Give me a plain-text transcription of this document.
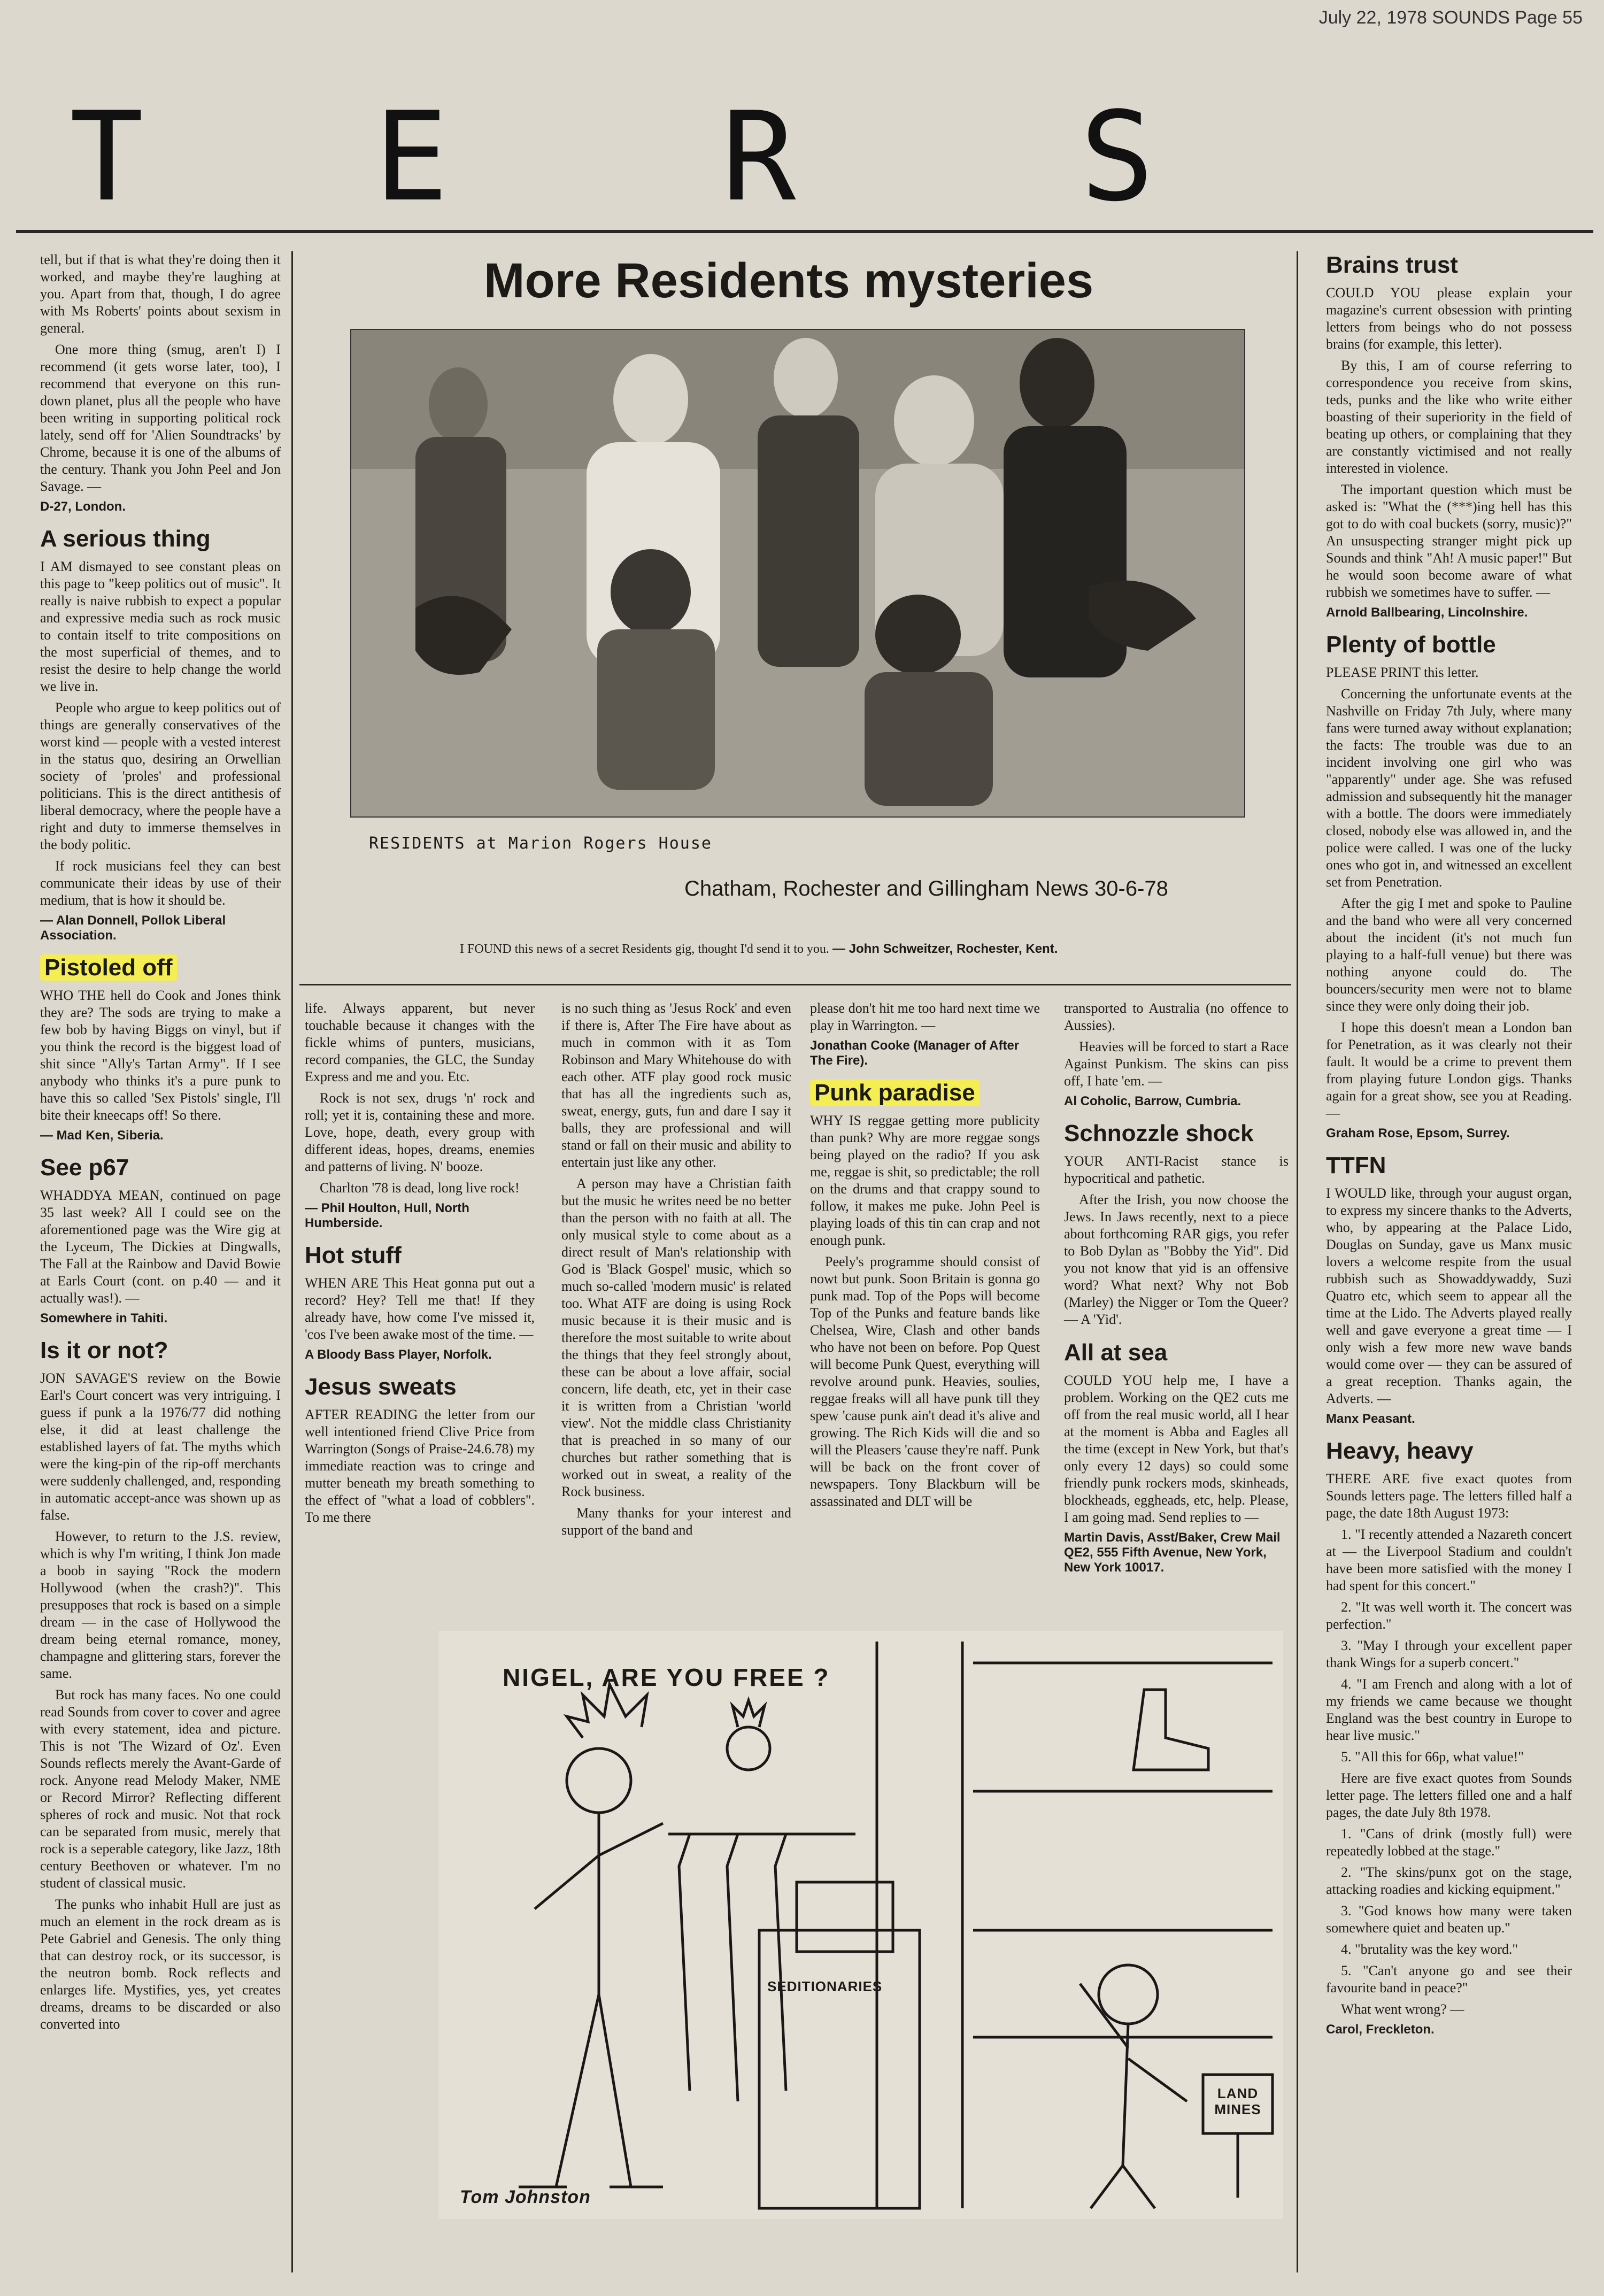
July 22, 1978 SOUNDS Page 55
T E R S
More Residents mysteries
RESIDENTS at Marion Rogers House
Chatham, Rochester and Gillingham News 30-6-78
I FOUND this news of a secret Residents gig, thought I'd send it to you. — John Schweitzer, Rochester, Kent.

tell, but if that is what they're doing then it worked, and maybe they're laughing at you. Apart from that, though, I do agree with Ms Roberts' points about sexism in general.

One more thing (smug, aren't I) I recommend (it gets worse later, too), I recommend that everyone on this run-down planet, plus all the people who have been writing in supporting political rock lately, send off for 'Alien Soundtracks' by Chrome, because it is one of the albums of the century. Thank you John Peel and Jon Savage. —

D-27, London.
A serious thing

I AM dismayed to see constant pleas on this page to "keep politics out of music". It really is naive rubbish to expect a popular and expressive media such as rock music to contain itself to trite compositions on the most superficial of themes, and to resist the desire to help change the world we live in.

People who argue to keep politics out of things are generally conservatives of the worst kind — people with a vested interest in the status quo, desiring an Orwellian society of 'proles' and professional politicians. This is the direct antithesis of liberal democracy, where the people have a right and duty to immerse themselves in the body politic.

If rock musicians feel they can best communicate their ideas by use of their medium, that is how it should be.

— Alan Donnell, Pollok Liberal Association.
Pistoled off

WHO THE hell do Cook and Jones think they are? The sods are trying to make a few bob by having Biggs on vinyl, but if you think the record is the biggest load of shit since "Ally's Tartan Army". If I see anybody who thinks it's a pure punk to have this so called 'Sex Pistols' single, I'll bite their kneecaps off! So there.

— Mad Ken, Siberia.
See p67

WHADDYA MEAN, continued on page 35 last week? All I could see on the aforementioned page was the Wire gig at the Lyceum, The Dickies at Dingwalls, The Fall at the Rainbow and David Bowie at Earls Court (cont. on p.40 — and it actually was!). —

Somewhere in Tahiti.
Is it or not?

JON SAVAGE'S review on the Bowie Earl's Court concert was very intriguing. I guess if punk a la 1976/77 did nothing else, it did at least challenge the established layers of fat. The myths which were the king-pin of the rip-off merchants were suddenly challenged, and, responding in automatic accept-ance was shown up as false.

However, to return to the J.S. review, which is why I'm writing, I think Jon made a boob in saying "Rock the modern Hollywood (when the crash?)". This presupposes that rock is based on a simple dream — in the case of Hollywood the dream being eternal romance, money, champagne and glittering stars, forever the same.

But rock has many faces. No one could read Sounds from cover to cover and agree with every statement, idea and picture. This is not 'The Wizard of Oz'. Even Sounds reflects merely the Avant-Garde of rock. Anyone read Melody Maker, NME or Record Mirror? Reflecting different spheres of rock and music. Not that rock can be separated from music, merely that rock is a seperable category, like Jazz, 18th century Beethoven or whatever. I'm no student of classical music.

The punks who inhabit Hull are just as much an element in the rock dream as is Pete Gabriel and Genesis. The only thing that can destroy rock, or its successor, is the neutron bomb. Rock reflects and enlarges life. Mystifies, yes, yet creates dreams, dreams to be discarded or also converted into

life. Always apparent, but never touchable because it changes with the fickle whims of punters, musicians, record companies, the GLC, the Sunday Express and me and you. Etc.

Rock is not sex, drugs 'n' rock and roll; yet it is, containing these and more. Love, hope, death, every group with different ideas, hopes, dreams, enemies and patterns of living. N' booze.

Charlton '78 is dead, long live rock!

— Phil Houlton, Hull, North Humberside.
Hot stuff

WHEN ARE This Heat gonna put out a record? Hey? Tell me that! If they already have, how come I've missed it, 'cos I've been awake most of the time. —

A Bloody Bass Player, Norfolk.
Jesus sweats

AFTER READING the letter from our well intentioned friend Clive Price from Warrington (Songs of Praise-24.6.78) my immediate reaction was to cringe and mutter beneath my breath something to the effect of "what a load of cobblers". To me there

is no such thing as 'Jesus Rock' and even if there is, After The Fire have about as much in common with it as Tom Robinson and Mary Whitehouse do with each other. ATF play good rock music that has all the ingredients such as, sweat, energy, guts, fun and dare I say it balls, they are professional and will stand or fall on their music and ability to entertain just like any other.

A person may have a Christian faith but the music he writes need be no better than the person with no faith at all. The only musical style to come about as a direct result of Man's relationship with God is 'Black Gospel' music, which so much so-called 'modern music' is related too. What ATF are doing is using Rock music because it is their music and is therefore the most suitable to write about the things that they feel strongly about, these can be about a love affair, social concern, life death, etc, yet in their case it is written from a Christian 'world view'. Not the middle class Christianity that is preached in so many of our churches but rather something that is worked out in sweat, a reality of the Rock business.

Many thanks for your interest and support of the band and

please don't hit me too hard next time we play in Warrington. —

Jonathan Cooke (Manager of After The Fire).
Punk paradise

WHY IS reggae getting more publicity than punk? Why are more reggae songs being played on the radio? If you ask me, reggae is shit, so predictable; the roll on the drums and that crappy sound to follow, it makes me puke. John Peel is playing loads of this tin can crap and not enough punk.

Peely's programme should consist of nowt but punk. Soon Britain is gonna go punk mad. Top of the Pops will become Top of the Punks and feature bands like Chelsea, Wire, Clash and other bands who have not been on before. Pop Quest will become Punk Quest, everything will revolve around punk. Heavies, soulies, reggae freaks will all have punk till they spew 'cause punk ain't dead it's alive and growing. The Rich Kids will die and so will the Pleasers 'cause they're naff. Punk will be back on the front cover of newspapers. Tony Blackburn will be assassinated and DLT will be

transported to Australia (no offence to Aussies).

Heavies will be forced to start a Race Against Punkism. The skins can piss off, I hate 'em. —

Al Coholic, Barrow, Cumbria.
Schnozzle shock

YOUR ANTI-Racist stance is hypocritical and pathetic.

After the Irish, you now choose the Jews. In Jaws recently, next to a piece about forthcoming RAR gigs, you refer to Bob Dylan as "Bobby the Yid". Did you not know that yid is an offensive word? What next? Why not Bob (Marley) the Nigger or Tom the Queer? — A 'Yid'.

All at sea

COULD YOU help me, I have a problem. Working on the QE2 cuts me off from the real music world, all I hear at the moment is Abba and Eagles all the time (except in New York, but that's only every 12 days) so could some friendly punk rockers mods, skinheads, blockheads, eggheads, etc, help. Please, I am going mad. Send replies to —

Martin Davis, Asst/Baker, Crew Mail QE2, 555 Fifth Avenue, New York, New York 10017.
Brains trust

COULD YOU please explain your magazine's current obsession with printing letters from beings who do not possess brains (for example, this letter).

By this, I am of course referring to correspondence you receive from skins, teds, punks and the like who write either boasting of their superiority in the field of beating up others, or complaining that they are constantly victimised and not really interested in violence.

The important question which must be asked is: "What the (***)ing hell has this got to do with coal buckets (sorry, music)?" An unsuspecting stranger might pick up Sounds and think "Ah! A music paper!" But he would soon become aware of what rubbish we sometimes have to suffer. —

Arnold Ballbearing, Lincolnshire.
Plenty of bottle

PLEASE PRINT this letter.

Concerning the unfortunate events at the Nashville on Friday 7th July, where many fans were turned away without explanation; the facts: The trouble was due to an incident involving one girl who was "apparently" under age. She was refused admission and subsequently hit the manager with a bottle. The doors were immediately closed, nobody else was allowed in, and the police were called. I was one of the lucky ones who got in, and witnessed an excellent set from Penetration.

After the gig I met and spoke to Pauline and the band who were all very concerned about the incident (it's not much fun playing to a half-full venue) but there was nothing anyone could do. The bouncers/security men were not to blame since they were only doing their job.

I hope this doesn't mean a London ban for Penetration, as it was clearly not their fault. It would be a crime to prevent them from playing future London gigs. Thanks again for a great show, see you at Reading. —

Graham Rose, Epsom, Surrey.
TTFN

I WOULD like, through your august organ, to express my sincere thanks to the Adverts, who, by appearing at the Palace Lido, Douglas on Sunday, gave us Manx music lovers a welcome respite from the usual rubbish such as Showaddywaddy, Suzi Quatro etc, which seem to appear all the time at the Lido. The Adverts played really well and gave everyone a great time — I only wish a few more new wave bands would come over — they can be assured of a great reception. Thanks again, the Adverts. —

Manx Peasant.
Heavy, heavy

THERE ARE five exact quotes from Sounds letters page. The letters filled half a page, the date 18th August 1973:

1. "I recently attended a Nazareth concert at — the Liverpool Stadium and couldn't have been more satisfied with the money I had spent for this concert."

2. "It was well worth it. The concert was perfection."

3. "May I through your excellent paper thank Wings for a superb concert."

4. "I am French and along with a lot of my friends we came because we thought England was the best country in Europe to hear live music."

5. "All this for 66p, what value!"

Here are five exact quotes from Sounds letter page. The letters filled one and a half pages, the date July 8th 1978.

1. "Cans of drink (mostly full) were repeatedly lobbed at the stage."

2. "The skins/punx got on the stage, attacking roadies and kicking equipment."

3. "God knows how many were taken somewhere quiet and beaten up."

4. "brutality was the key word."

5. "Can't anyone go and see their favourite band in peace?"

What went wrong? —

Carol, Freckleton.
NIGEL, ARE YOU FREE ?
SEDITIONARIES
LAND MINES
Tom Johnston
